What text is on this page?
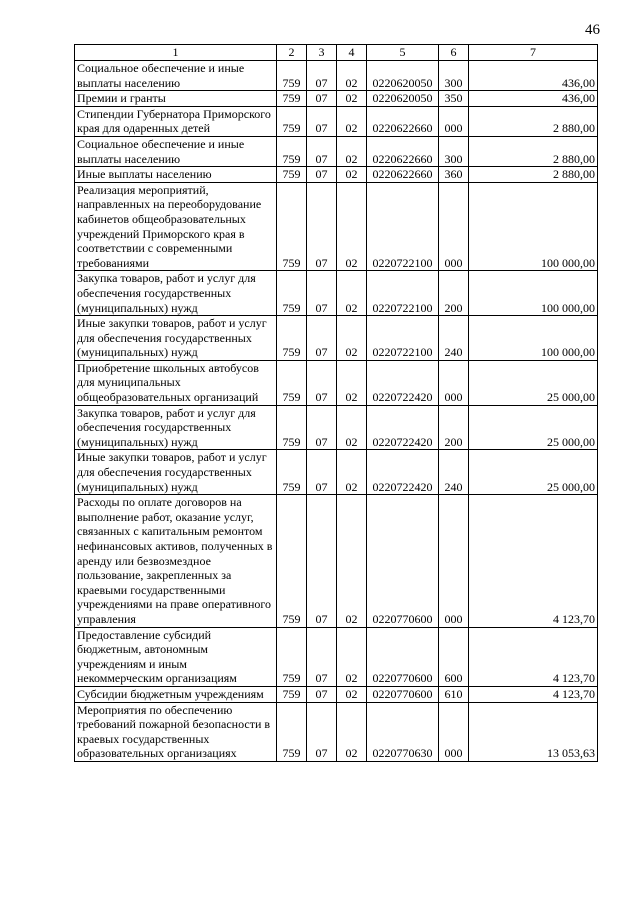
46
1	2	3	4	5	6	7
Социальное обеспечение и иные выплаты населению	759	07	02	0220620050	300	436,00
Премии и гранты	759	07	02	0220620050	350	436,00
Стипендии Губернатора Приморского края для одаренных детей	759	07	02	0220622660	000	2 880,00
Социальное обеспечение и иные выплаты населению	759	07	02	0220622660	300	2 880,00
Иные выплаты населению	759	07	02	0220622660	360	2 880,00
Реализация мероприятий, направленных на переоборудование кабинетов общеобразовательных учреждений Приморского края в соответствии с современными требованиями	759	07	02	0220722100	000	100 000,00
Закупка товаров, работ и услуг для обеспечения государственных (муниципальных) нужд	759	07	02	0220722100	200	100 000,00
Иные закупки товаров, работ и услуг для обеспечения государственных (муниципальных) нужд	759	07	02	0220722100	240	100 000,00
Приобретение школьных автобусов для муниципальных общеобразовательных организаций	759	07	02	0220722420	000	25 000,00
Закупка товаров, работ и услуг для обеспечения государственных (муниципальных) нужд	759	07	02	0220722420	200	25 000,00
Иные закупки товаров, работ и услуг для обеспечения государственных (муниципальных) нужд	759	07	02	0220722420	240	25 000,00
Расходы по оплате договоров на выполнение работ, оказание услуг, связанных с капитальным ремонтом нефинансовых активов, полученных в аренду или безвозмездное пользование, закрепленных за краевыми государственными учреждениями на праве оперативного управления	759	07	02	0220770600	000	4 123,70
Предоставление субсидий бюджетным, автономным учреждениям и иным некоммерческим организациям	759	07	02	0220770600	600	4 123,70
Субсидии бюджетным учреждениям	759	07	02	0220770600	610	4 123,70
Мероприятия по обеспечению требований пожарной безопасности в краевых государственных образовательных организациях	759	07	02	0220770630	000	13 053,63
